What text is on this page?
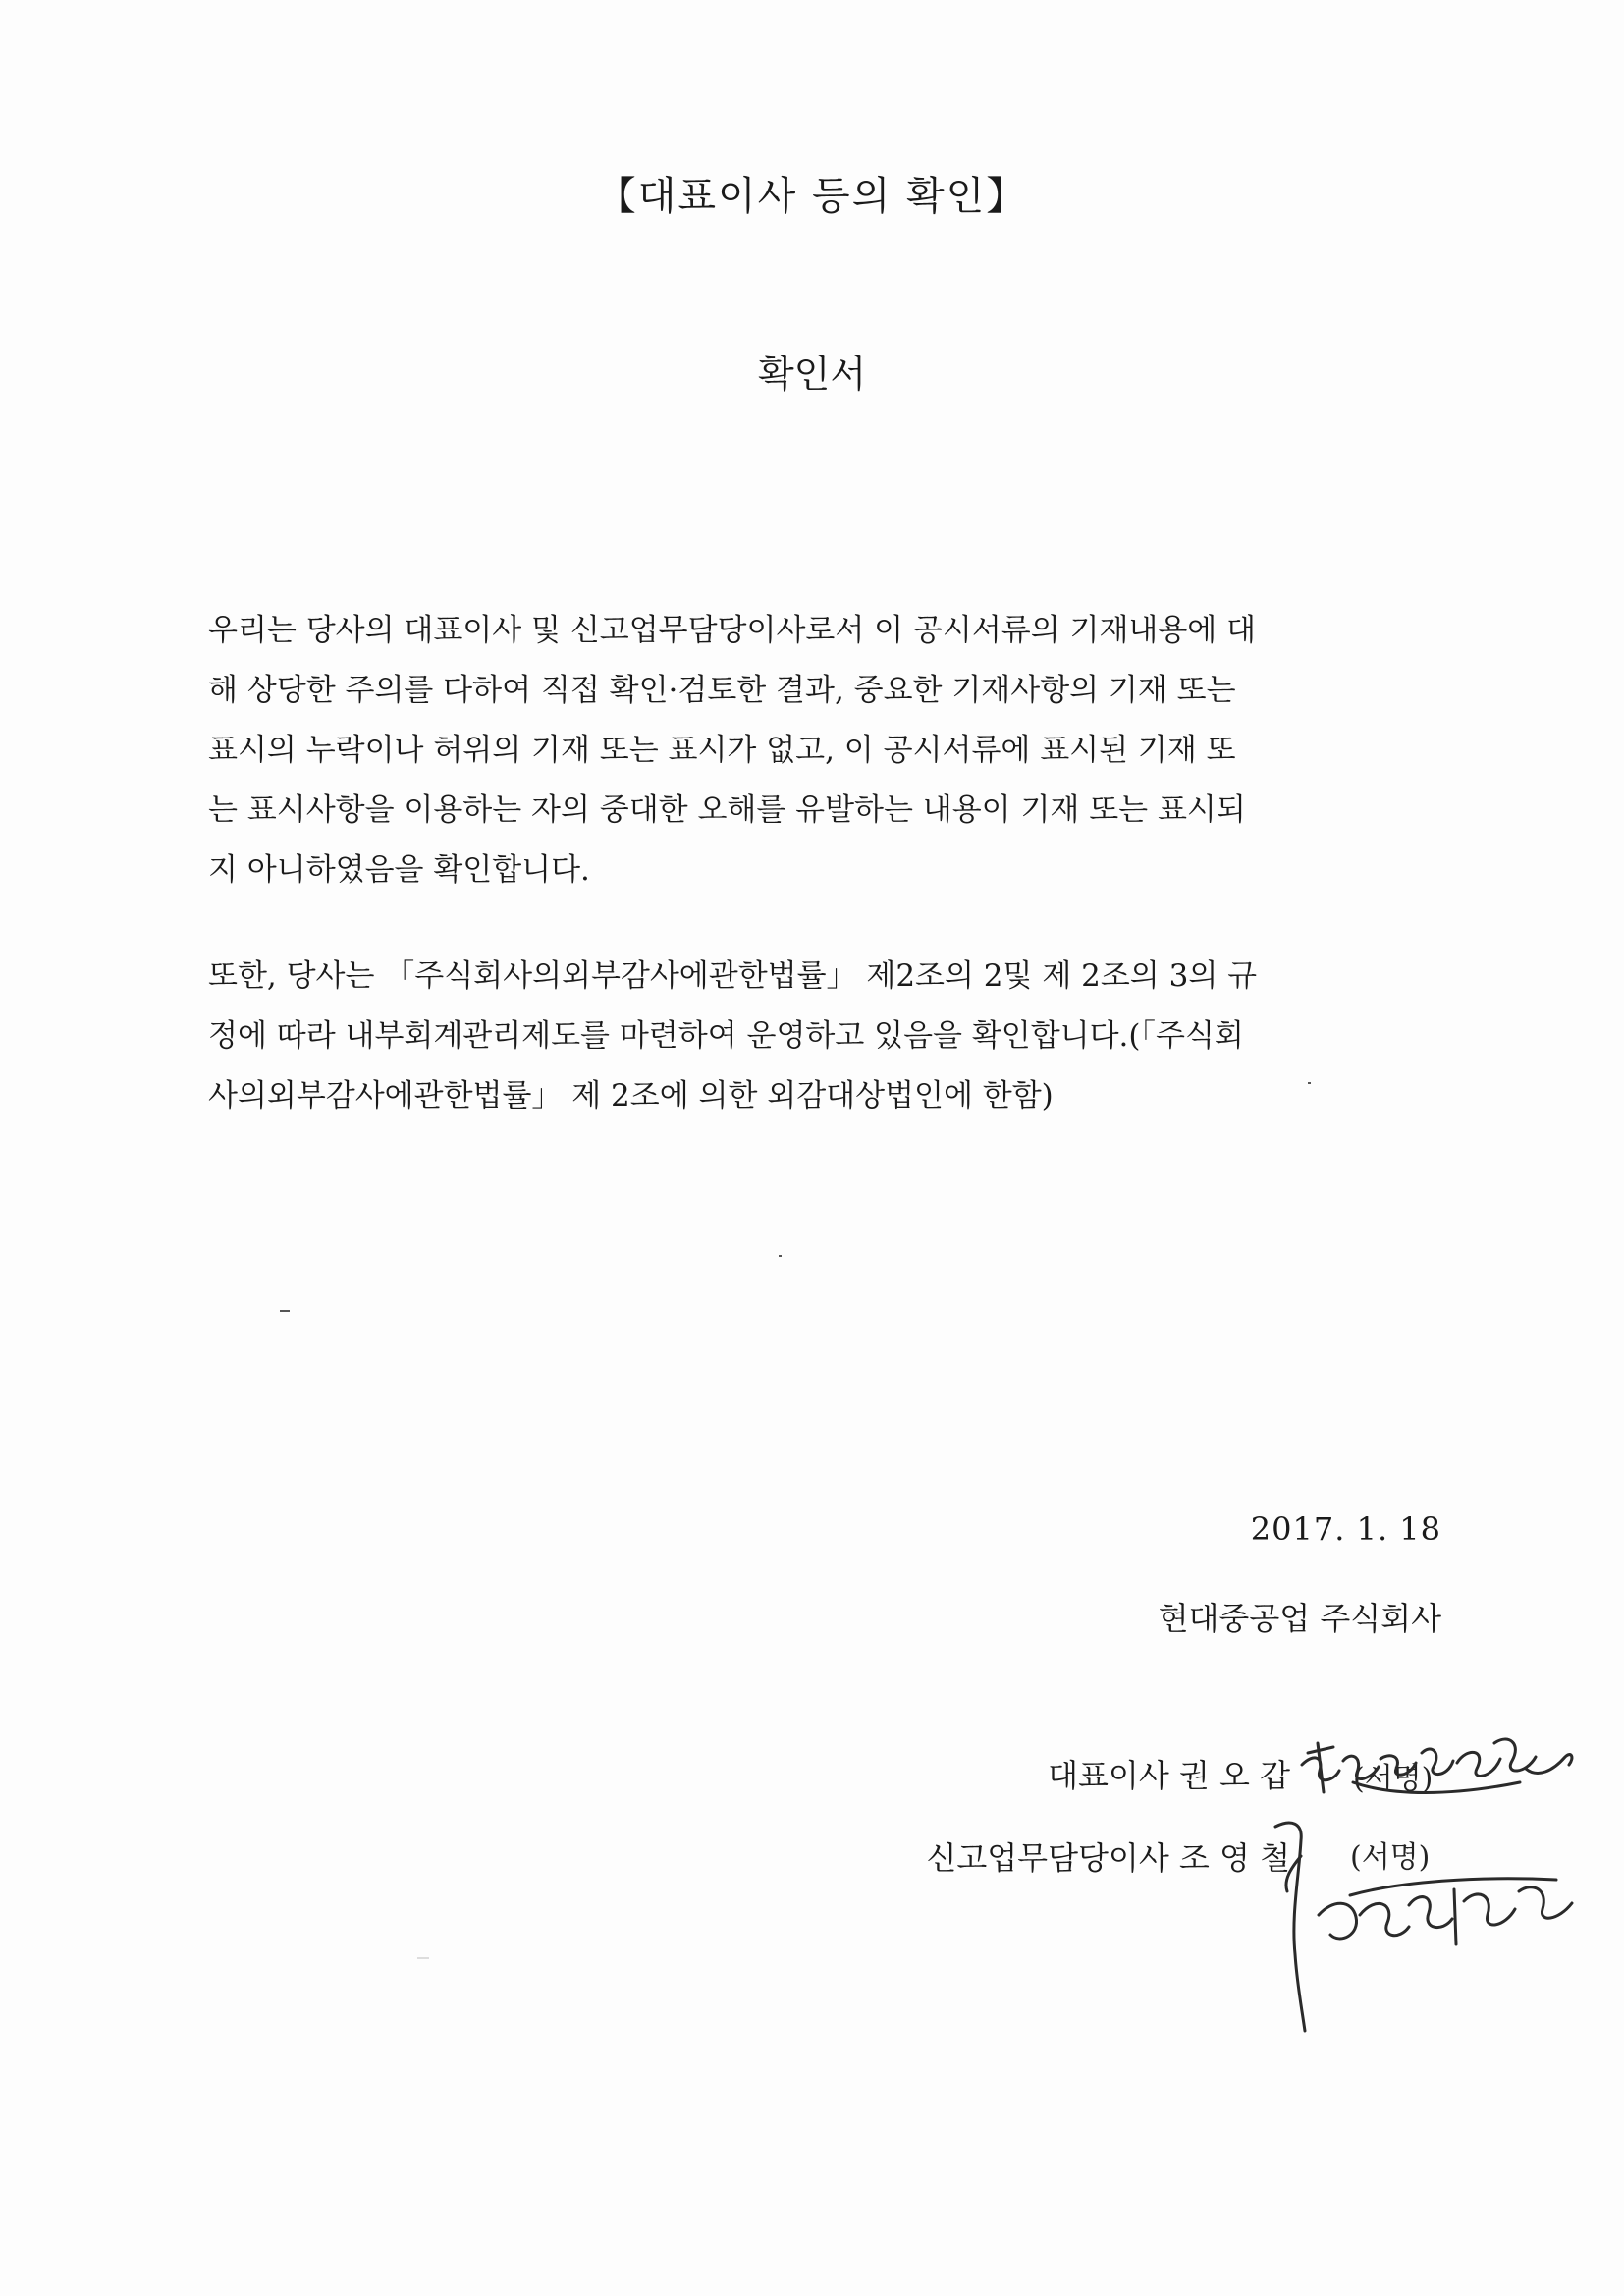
【대표이사 등의 확인】
확인서

우리는 당사의 대표이사 및 신고업무담당이사로서 이 공시서류의 기재내용에 대

해 상당한 주의를 다하여 직접 확인·검토한 결과, 중요한 기재사항의 기재 또는

표시의 누락이나 허위의 기재 또는 표시가 없고, 이 공시서류에 표시된 기재 또

는 표시사항을 이용하는 자의 중대한 오해를 유발하는 내용이 기재 또는 표시되

지 아니하였음을 확인합니다.

또한, 당사는 「주식회사의외부감사에관한법률」 제2조의 2및 제 2조의 3의 규

정에 따라 내부회계관리제도를 마련하여 운영하고 있음을 확인합니다.(「주식회

사의외부감사에관한법률」 제 2조에 의한 외감대상법인에 한함)

2017. 1. 18
현대중공업 주식회사
대표이사 권 오 갑 (서명)
신고업무담당이사 조 영 철 (서명)
